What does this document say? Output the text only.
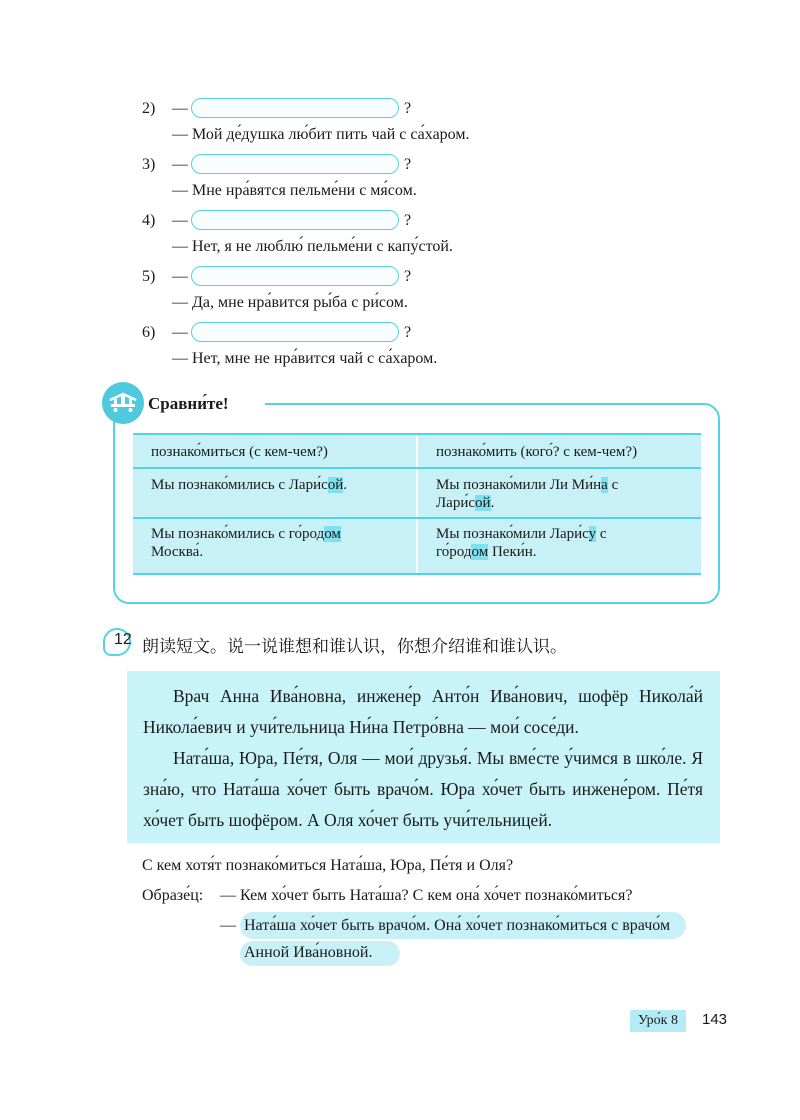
2)	—	?
— Мой де́душка лю́бит пить чай с са́харом.
3)	—	?
— Мне нра́вятся пельме́ни с мя́сом.
4)	—	?
— Нет, я не люблю́ пельме́ни с капу́стой.
5)	—	?
— Да, мне нра́вится ры́ба с ри́сом.
6)	—	?
— Нет, мне не нра́вится чай с са́харом.
Сравни́те!
познако́миться (с кем-чем?)	познако́мить (кого́? с кем-чем?)
Мы познако́мились с Лари́сой.	Мы познако́мили Ли Ми́на с
Лари́сой.
Мы познако́мились с го́родом
Москва́.	Мы познако́мили Лари́су с
го́родом Пеки́н.
12 朗读短文。说一说谁想和谁认识，你想介绍谁和谁认识。

Врач Анна Ива́новна, инжене́р Анто́н Ива́нович, шофёр Никола́й Никола́евич и учи́тельница Ни́на Петро́вна — мои́ сосе́ди.

Ната́ша, Юра, Пе́тя, Оля — мои́ друзья́. Мы вме́сте у́чимся в шко́ле. Я зна́ю, что Ната́ша хо́чет быть врачо́м. Юра хо́чет быть инжене́ром. Пе́тя хо́чет быть шофёром. А Оля хо́чет быть учи́тельницей.

С кем хотя́т познако́миться Ната́ша, Юра, Пе́тя и Оля?
Образе́ц: — Кем хо́чет быть Ната́ша? С кем она́ хо́чет познако́миться?
— Ната́ша хо́чет быть врачо́м. Она́ хо́чет познако́миться с врачо́м
Анной Ива́новной.
Уро́к 8	143
